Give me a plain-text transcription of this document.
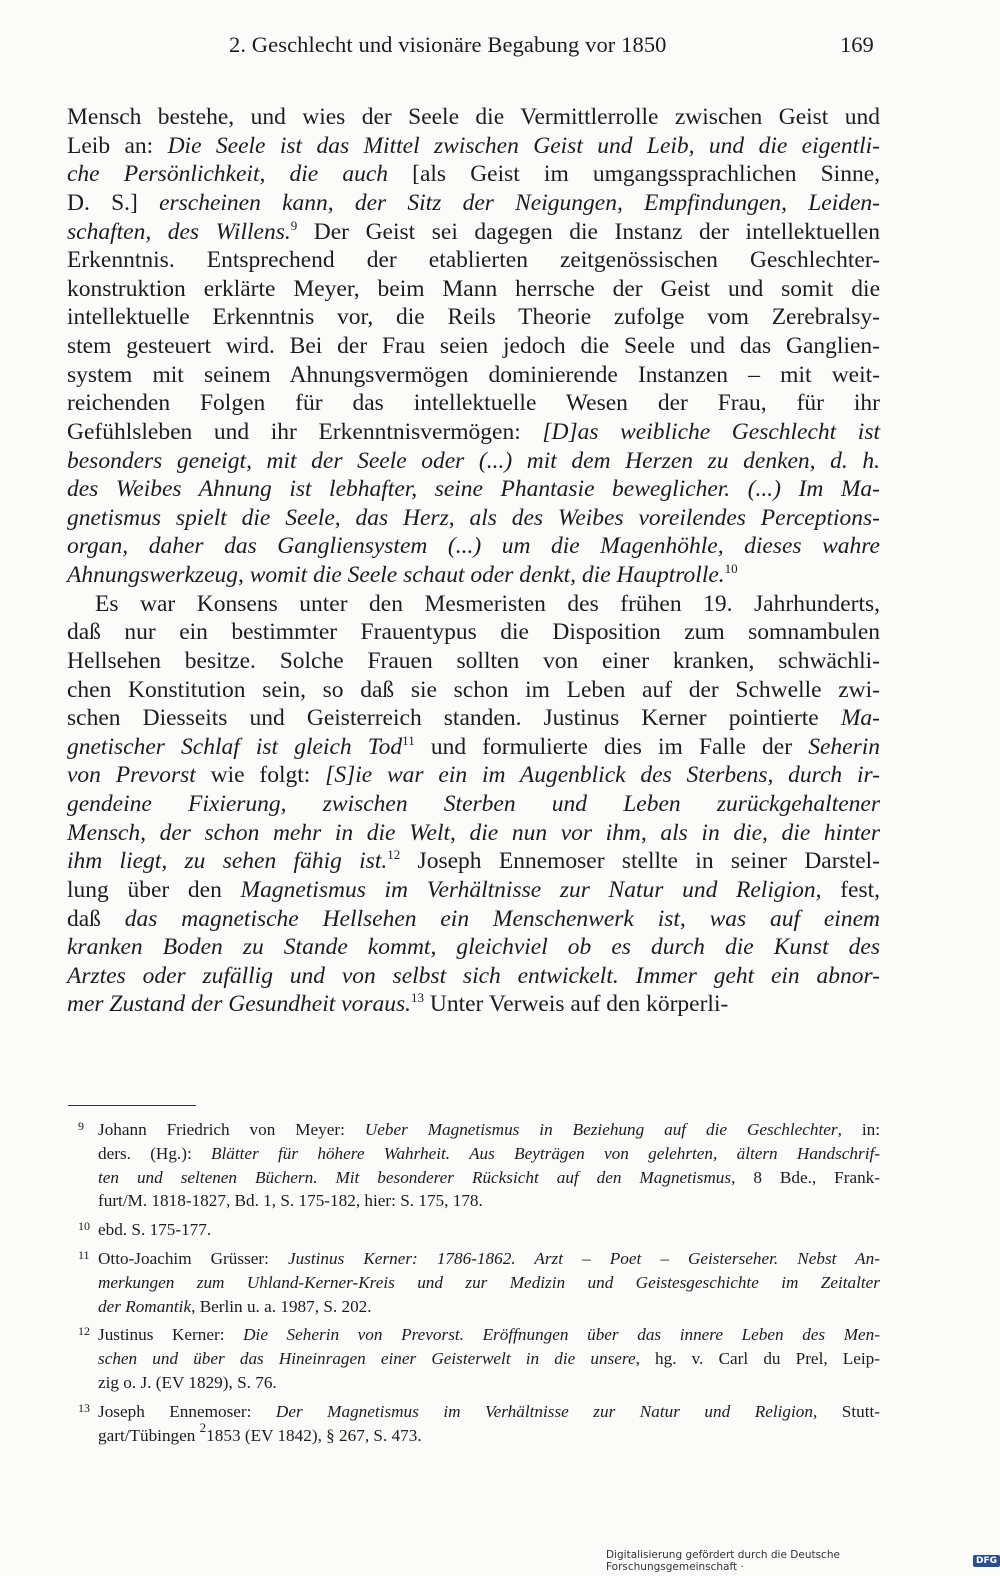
2. Geschlecht und visionäre Begabung vor 1850	169
Mensch bestehe, und wies der Seele die Vermittlerrolle zwischen Geist und
Leib an: Die Seele ist das Mittel zwischen Geist und Leib, und die eigentli-
che Persönlichkeit, die auch [als Geist im umgangssprachlichen Sinne,
D. S.] erscheinen kann, der Sitz der Neigungen, Empfindungen, Leiden-
schaften, des Willens.$^9$ Der Geist sei dagegen die Instanz der intellektuellen
Erkenntnis. Entsprechend der etablierten zeitgenössischen Geschlechter-
konstruktion erklärte Meyer, beim Mann herrsche der Geist und somit die
intellektuelle Erkenntnis vor, die Reils Theorie zufolge vom Zerebralsy-
stem gesteuert wird. Bei der Frau seien jedoch die Seele und das Ganglien-
system mit seinem Ahnungsvermögen dominierende Instanzen – mit weit-
reichenden Folgen für das intellektuelle Wesen der Frau, für ihr
Gefühlsleben und ihr Erkenntnisvermögen: [D]as weibliche Geschlecht ist
besonders geneigt, mit der Seele oder (...) mit dem Herzen zu denken, d. h.
des Weibes Ahnung ist lebhafter, seine Phantasie beweglicher. (...) Im Ma-
gnetismus spielt die Seele, das Herz, als des Weibes voreilendes Perceptions-
organ, daher das Gangliensystem (...) um die Magenhöhle, dieses wahre
Ahnungswerkzeug, womit die Seele schaut oder denkt, die Hauptrolle.$^{10}$
Es war Konsens unter den Mesmeristen des frühen 19. Jahrhunderts,
daß nur ein bestimmter Frauentypus die Disposition zum somnambulen
Hellsehen besitze. Solche Frauen sollten von einer kranken, schwächli-
chen Konstitution sein, so daß sie schon im Leben auf der Schwelle zwi-
schen Diesseits und Geisterreich standen. Justinus Kerner pointierte Ma-
gnetischer Schlaf ist gleich Tod$^{11}$ und formulierte dies im Falle der Seherin
von Prevorst wie folgt: [S]ie war ein im Augenblick des Sterbens, durch ir-
gendeine Fixierung, zwischen Sterben und Leben zurückgehaltener
Mensch, der schon mehr in die Welt, die nun vor ihm, als in die, die hinter
ihm liegt, zu sehen fähig ist.$^{12}$ Joseph Ennemoser stellte in seiner Darstel-
lung über den Magnetismus im Verhältnisse zur Natur und Religion, fest,
daß das magnetische Hellsehen ein Menschenwerk ist, was auf einem
kranken Boden zu Stande kommt, gleichviel ob es durch die Kunst des
Arztes oder zufällig und von selbst sich entwickelt. Immer geht ein abnor-
mer Zustand der Gesundheit voraus.$^{13}$ Unter Verweis auf den körperli-
9 Johann Friedrich von Meyer: Ueber Magnetismus in Beziehung auf die Geschlechter, in:
ders. (Hg.): Blätter für höhere Wahrheit. Aus Beyträgen von gelehrten, ältern Handschrif-
ten und seltenen Büchern. Mit besonderer Rücksicht auf den Magnetismus, 8 Bde., Frank-
furt/M. 1818-1827, Bd. 1, S. 175-182, hier: S. 175, 178.
10 ebd. S. 175-177.
11 Otto-Joachim Grüsser: Justinus Kerner: 1786-1862. Arzt – Poet – Geisterseher. Nebst An-
merkungen zum Uhland-Kerner-Kreis und zur Medizin und Geistesgeschichte im Zeitalter
der Romantik, Berlin u. a. 1987, S. 202.
12 Justinus Kerner: Die Seherin von Prevorst. Eröffnungen über das innere Leben des Men-
schen und über das Hineinragen einer Geisterwelt in die unsere, hg. v. Carl du Prel, Leip-
zig o. J. (EV 1829), S. 76.
13 Joseph Ennemoser: Der Magnetismus im Verhältnisse zur Natur und Religion, Stutt-
gart/Tübingen $^2$1853 (EV 1842), § 267, S. 473.
Digitalisierung gefördert durch die Deutsche Forschungsgemeinschaft ·	DFG
